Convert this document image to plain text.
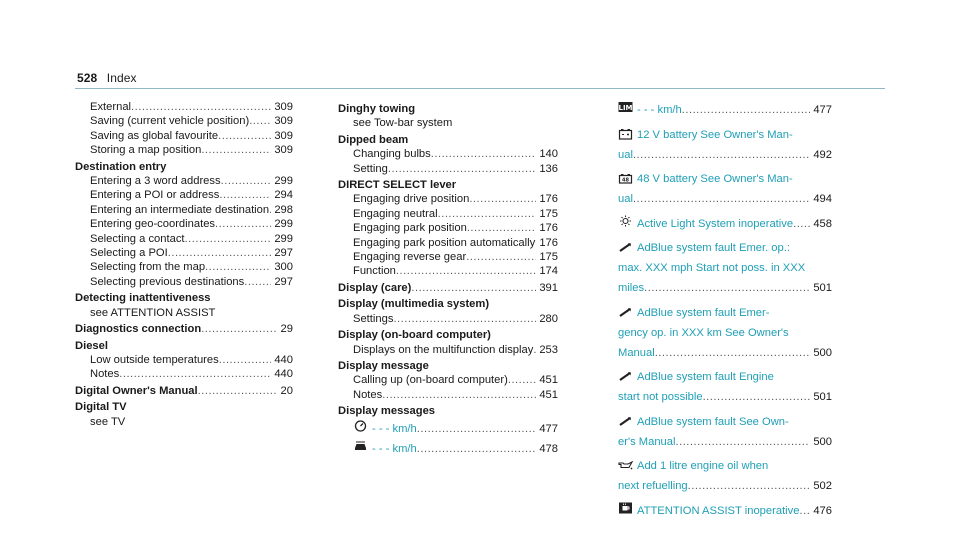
528 Index
External .....	309
Saving (current vehicle position) ..... 309
Saving as global favourite .....	309
Storing a map position .....	309
Destination entry
Entering a 3 word address .....	299
Entering a POI or address .....	294
Entering an intermediate destination ..... 298
Entering geo-coordinates .....	299
Selecting a contact .....	299
Selecting a POI .....	297
Selecting from the map .....	300
Selecting previous destinations .....	297
Detecting inattentiveness
see ATTENTION ASSIST
Diagnostics connection .....	29
Diesel
Low outside temperatures .....	440
Notes .....	440
Digital Owner's Manual .....	20
Digital TV
see TV
Dinghy towing
see Tow-bar system
Dipped beam
Changing bulbs .....	140
Setting .....	136
DIRECT SELECT lever
Engaging drive position .....	176
Engaging neutral .....	175
Engaging park position .....	176
Engaging park position automatically ..... 176
Engaging reverse gear .....	175
Function .....	174
Display (care) .....	391
Display (multimedia system)
Settings .....	280
Display (on-board computer)
Displays on the multifunction display ..... 253
Display message
Calling up (on-board computer) .....	451
Notes .....	451
Display messages
- - - km/h .....	477
- - - km/h .....	478
LIM - - - km/h .....	477
12 V battery See Owner's Man-
ual .....	492
48 48 V battery See Owner's Man-
ual .....	494
Active Light System inoperative ..... 458
AdBlue system fault Emer. op.:
max. XXX mph Start not poss. in XXX
miles .....	501
AdBlue system fault Emer-
gency op. in XXX km See Owner's
Manual .....	500
AdBlue system fault Engine
start not possible .....	501
AdBlue system fault See Own-
er's Manual .....	500
Add 1 litre engine oil when
next refuelling .....	502
ATTENTION ASSIST inoperative ..... 476
